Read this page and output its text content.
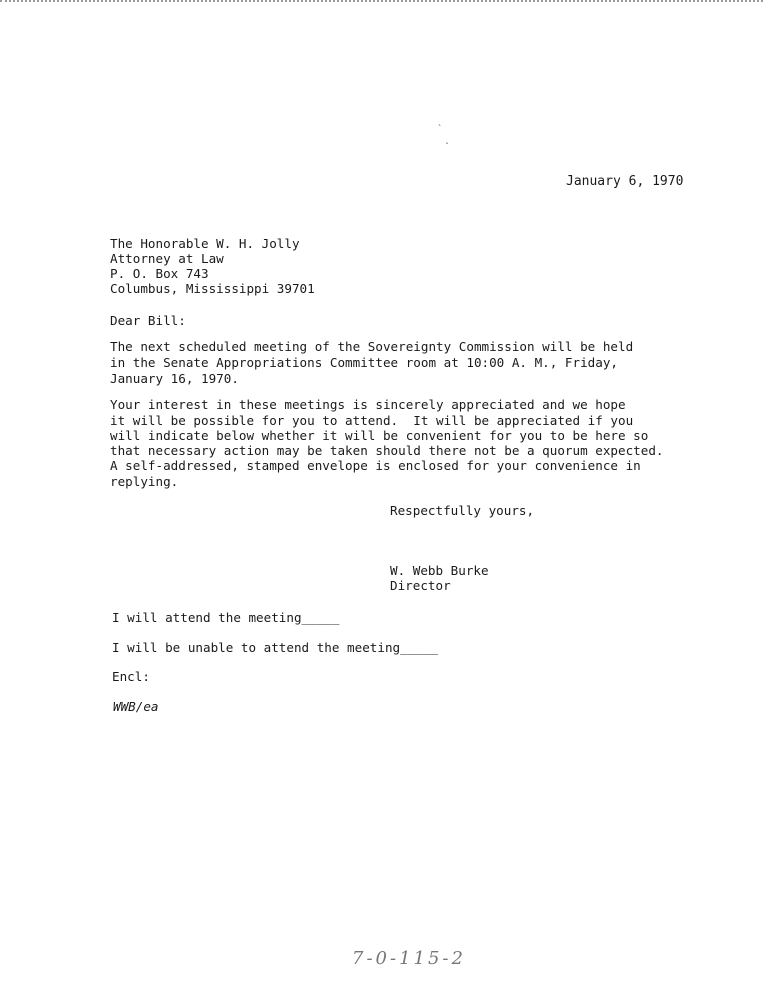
`
.
January 6, 1970
The Honorable W. H. Jolly
Attorney at Law
P. O. Box 743
Columbus, Mississippi 39701
Dear Bill:
The next scheduled meeting of the Sovereignty Commission will be held
in the Senate Appropriations Committee room at 10:00 A. M., Friday,
January 16, 1970.
Your interest in these meetings is sincerely appreciated and we hope
it will be possible for you to attend.  It will be appreciated if you
will indicate below whether it will be convenient for you to be here so
that necessary action may be taken should there not be a quorum expected.
A self-addressed, stamped envelope is enclosed for your convenience in
replying.
Respectfully yours,
W. Webb Burke
Director
I will attend the meeting_____
I will be unable to attend the meeting_____
Encl:
WWB/ea
7-0-115-2
